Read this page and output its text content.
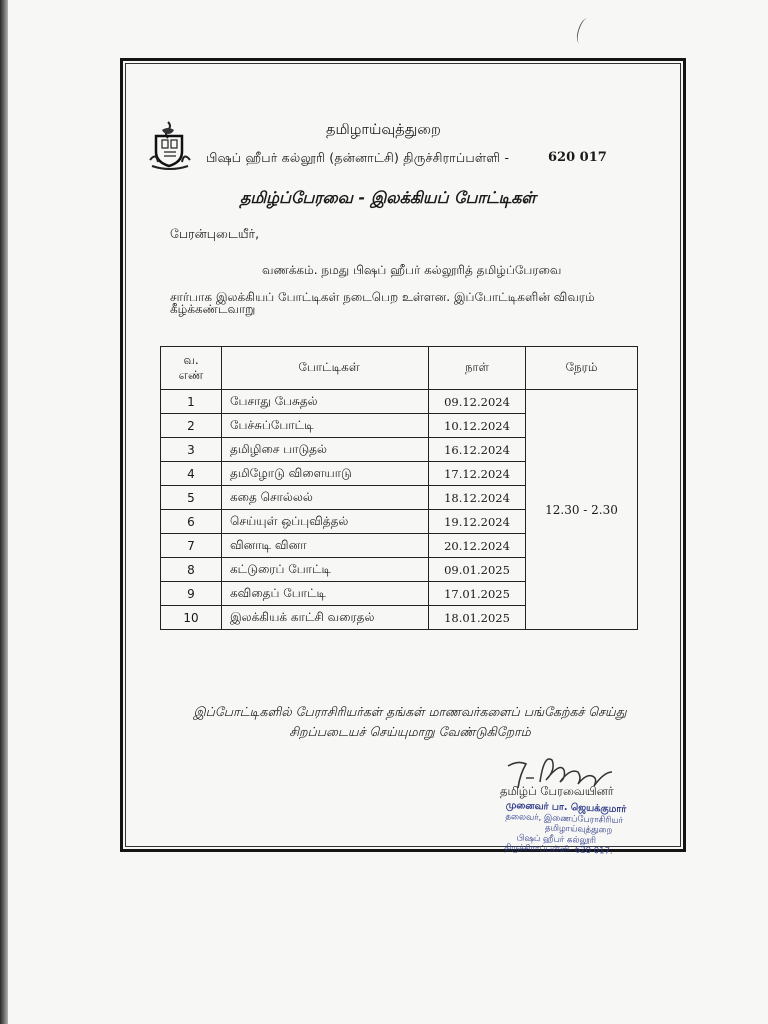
தமிழாய்வுத்துறை
பிஷப் ஹீபர் கல்லூரி (தன்னாட்சி) திருச்சிராப்பள்ளி -	620 017
தமிழ்ப்பேரவை - இலக்கியப் போட்டிகள்
பேரன்புடையீர்,
வணக்கம். நமது பிஷப் ஹீபர் கல்லூரித் தமிழ்ப்பேரவை
சார்பாக இலக்கியப் போட்டிகள் நடைபெற உள்ளன. இப்போட்டிகளின் விவரம்
கீழ்க்கண்டவாறு
வ.
எண்	போட்டிகள்	நாள்	நேரம்
1	பேசாது பேசுதல்	09.12.2024	12.30 - 2.30
2	பேச்சுப்போட்டி	10.12.2024	
3	தமிழிசை பாடுதல்	16.12.2024	
4	தமிழோடு விளையாடு	17.12.2024	
5	கதை சொல்லல்	18.12.2024	
6	செய்யுள் ஒப்புவித்தல்	19.12.2024	
7	வினாடி வினா	20.12.2024	
8	கட்டுரைப் போட்டி	09.01.2025	
9	கவிதைப் போட்டி	17.01.2025	
10	இலக்கியக் காட்சி வரைதல்	18.01.2025	
இப்போட்டிகளில் பேராசிரியர்கள் தங்கள் மாணவர்களைப் பங்கேற்கச் செய்து
சிறப்படையச் செய்யுமாறு வேண்டுகிறோம்
தமிழ்ப் பேரவையினர்
முனைவர் பா. ஜெயக்குமார்
தலைவர், இணைப்பேராசிரியர்
தமிழாய்வுத்துறை
பிஷப் ஹீபர் கல்லூரி
திருச்சிராப்பள்ளி- 620 017.
